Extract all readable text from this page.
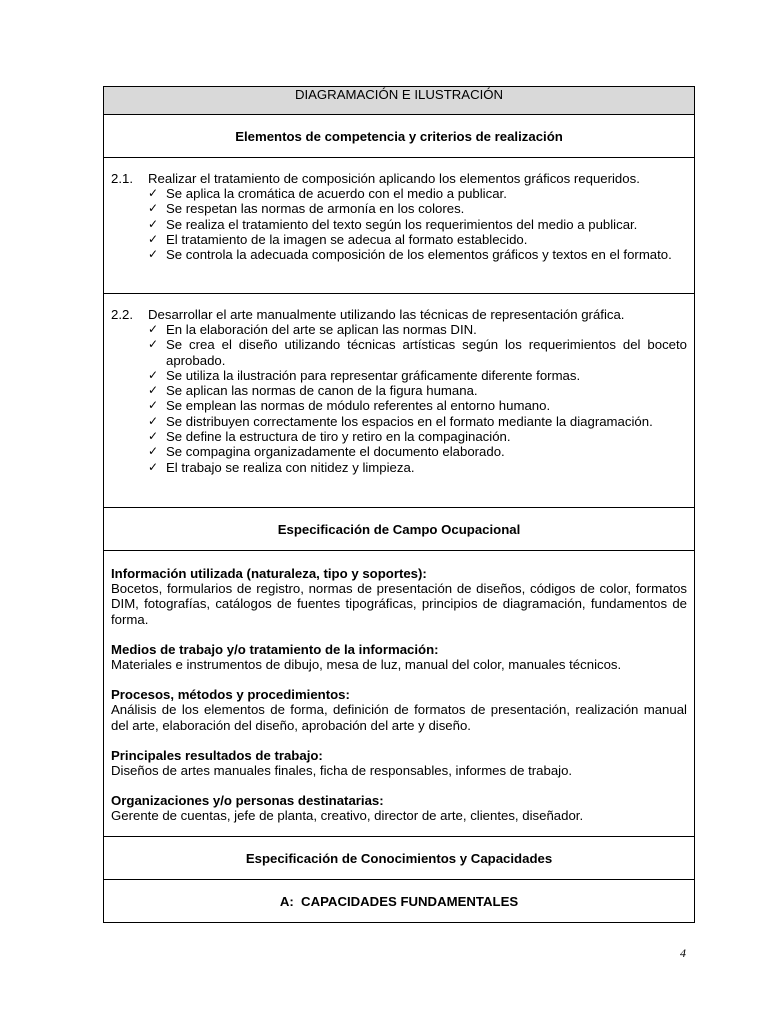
DIAGRAMACIÓN E ILUSTRACIÓN
Elementos de competencia y criterios de realización
2.1.	Realizar el tratamiento de composición aplicando los elementos gráficos requeridos.
✓ Se aplica la cromática de acuerdo con el medio a publicar.
✓ Se respetan las normas de armonía en los colores.
✓ Se realiza el tratamiento del texto según los requerimientos del medio a publicar.
✓ El tratamiento de la imagen se adecua al formato establecido.
✓ Se controla la adecuada composición de los elementos gráficos y textos en el formato.
2.2.	Desarrollar el arte manualmente utilizando las técnicas de representación gráfica.
✓ En la elaboración del arte se aplican las normas DIN.
✓ Se crea el diseño utilizando técnicas artísticas según los requerimientos del boceto aprobado.
✓ Se utiliza la ilustración para representar gráficamente diferente formas.
✓ Se aplican las normas de canon de la figura humana.
✓ Se emplean las normas de módulo referentes al entorno humano.
✓ Se distribuyen correctamente los espacios en el formato mediante la diagramación.
✓ Se define la estructura de tiro y retiro en la compaginación.
✓ Se compagina organizadamente el documento elaborado.
✓ El trabajo se realiza con nitidez y limpieza.
Especificación de Campo Ocupacional

Información utilizada (naturaleza, tipo y soportes):
Bocetos, formularios de registro, normas de presentación de diseños, códigos de color, formatos DIM, fotografías, catálogos de fuentes tipográficas, principios de diagramación, fundamentos de forma.

Medios de trabajo y/o tratamiento de la información:
Materiales e instrumentos de dibujo, mesa de luz, manual del color, manuales técnicos.

Procesos, métodos y procedimientos:
Análisis de los elementos de forma, definición de formatos de presentación, realización manual del arte, elaboración del diseño, aprobación del arte y diseño.

Principales resultados de trabajo:
Diseños de artes manuales finales, ficha de responsables, informes de trabajo.

Organizaciones y/o personas destinatarias:
Gerente de cuentas, jefe de planta, creativo, director de arte, clientes, diseñador.

Especificación de Conocimientos y Capacidades
A:  CAPACIDADES FUNDAMENTALES
4
